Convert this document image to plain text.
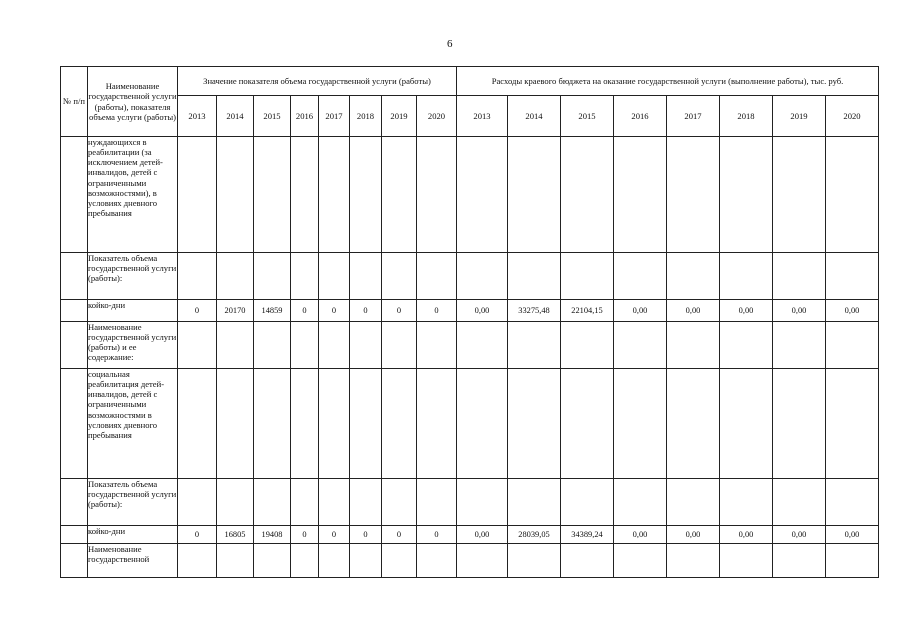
6
№ п/п	Наименование государственной услуги (работы), показателя объема услуги (работы)	Значение показателя объема государственной услуги (работы)								Расходы краевого бюджета на оказание государственной услуги (выполнение работы), тыс. руб.							
		2013	2014	2015	2016	2017	2018	2019	2020	2013	2014	2015	2016	2017	2018	2019	2020
	нуждающихся в реабилитации (за исключением детей-инвалидов, детей с ограниченными возможностями), в условиях дневного пребывания																
	Показатель объема государственной услуги (работы):																
	койко-дни	0	20170	14859	0	0	0	0	0	0,00	33275,48	22104,15	0,00	0,00	0,00	0,00	0,00
	Наименование государственной услуги (работы) и ее содержание:																
	социальная реабилитация детей-инвалидов, детей с ограниченными возможностями в условиях дневного пребывания																
	Показатель объема государственной услуги (работы):																
	койко-дни	0	16805	19408	0	0	0	0	0	0,00	28039,05	34389,24	0,00	0,00	0,00	0,00	0,00
	Наименование государственной																
